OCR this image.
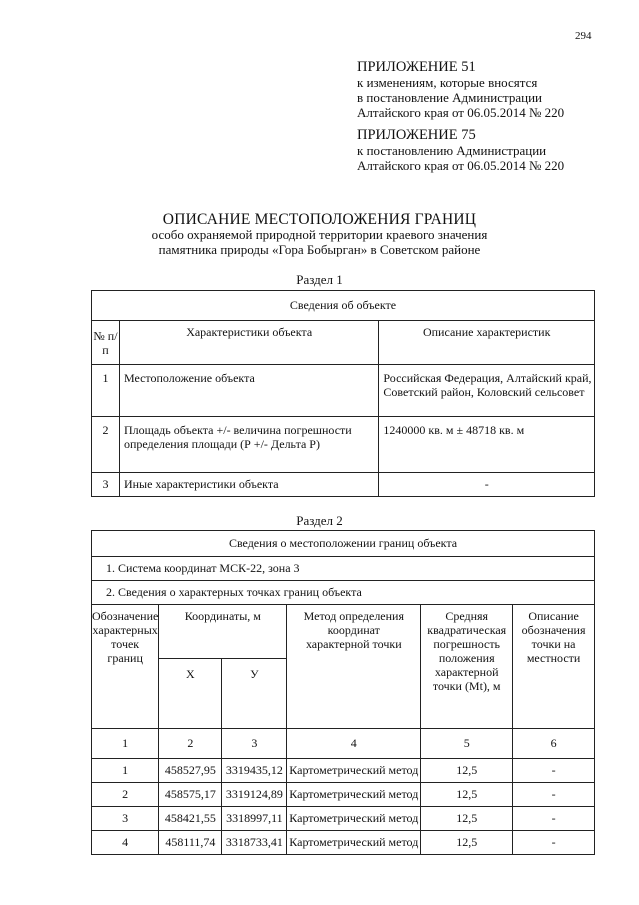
294
ПРИЛОЖЕНИЕ 51
к изменениям, которые вносятся
в постановление Администрации
Алтайского края от 06.05.2014 № 220
ПРИЛОЖЕНИЕ 75
к постановлению Администрации
Алтайского края от 06.05.2014 № 220
ОПИСАНИЕ МЕСТОПОЛОЖЕНИЯ ГРАНИЦ
особо охраняемой природной территории краевого значения
памятника природы «Гора Бобырган» в Советском районе
Раздел 1
Сведения об объекте		
№ п/п	Характеристики объекта	Описание характеристик
1	Местоположение объекта	Российская Федерация, Алтайский край, Советский район, Коловский сельсовет
2	Площадь объекта +/- величина погрешности определения площади (Р +/- Дельта Р)	1240000 кв. м ± 48718 кв. м
3	Иные характеристики объекта	-
Раздел 2
Сведения о местоположении границ объекта					
1. Система координат МСК-22, зона 3					
2. Сведения о характерных точках границ объекта					
Обозначение характерных точек границ	Координаты, м		Метод определения координат характерной точки	Средняя квадратическая погрешность положения характерной точки (Mt), м	Описание обозначения точки на местности
	X	У			
1	2	3	4	5	6
1	458527,95	3319435,12	Картометрический метод	12,5	-
2	458575,17	3319124,89	Картометрический метод	12,5	-
3	458421,55	3318997,11	Картометрический метод	12,5	-
4	458111,74	3318733,41	Картометрический метод	12,5	-
